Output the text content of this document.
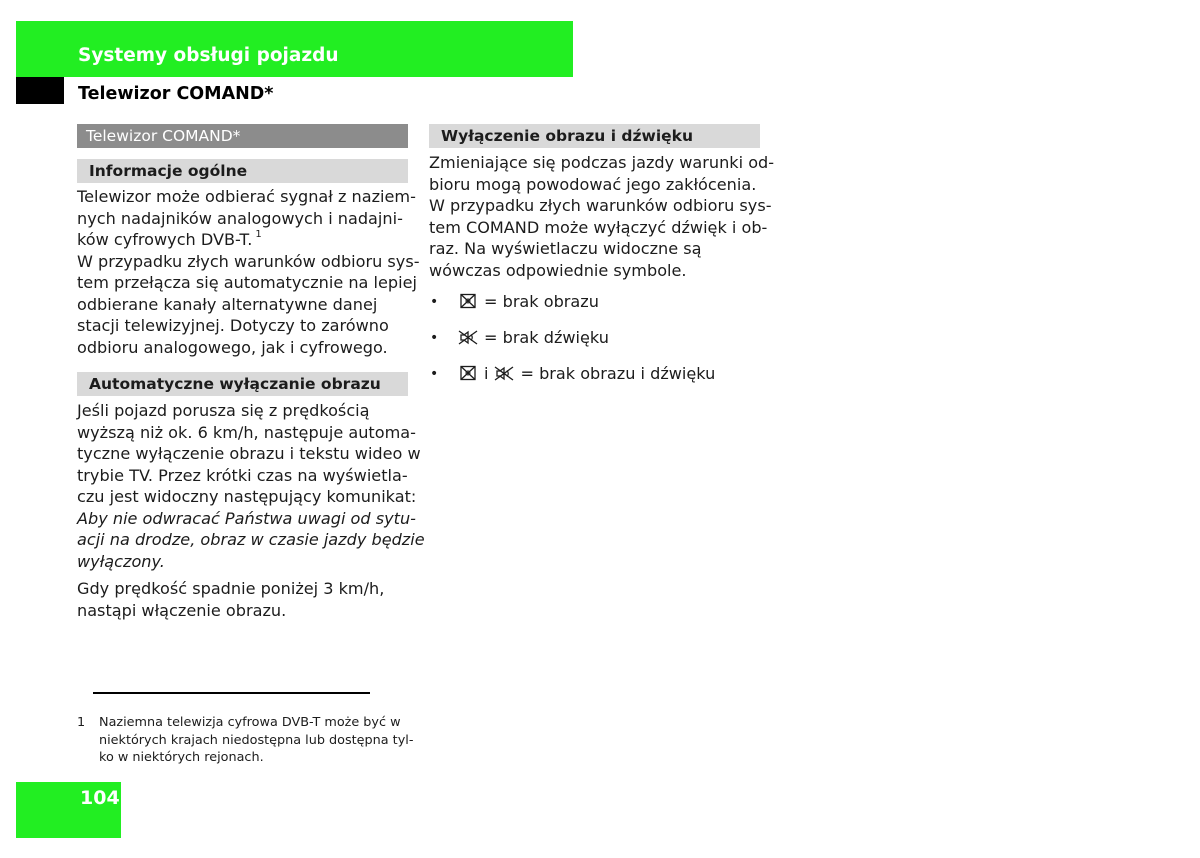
Systemy obsługi pojazdu
Telewizor COMAND*
Telewizor COMAND*
Informacje ogólne
Telewizor może odbierać sygnał z naziem-
nych nadajników analogowych i nadajni-
ków cyfrowych DVB-T. $^1$
W przypadku złych warunków odbioru sys-
tem przełącza się automatycznie na lepiej
odbierane kanały alternatywne danej
stacji telewizyjnej. Dotyczy to zarówno
odbioru analogowego, jak i cyfrowego.
Automatyczne wyłączanie obrazu
Jeśli pojazd porusza się z prędkością
wyższą niż ok. 6 km/h, następuje automa-
tyczne wyłączenie obrazu i tekstu wideo w
trybie TV. Przez krótki czas na wyświetla-
czu jest widoczny następujący komunikat:
Aby nie odwracać Państwa uwagi od sytu-
acji na drodze, obraz w czasie jazdy będzie
wyłączony.
Gdy prędkość spadnie poniżej 3 km/h,
nastąpi włączenie obrazu.
Wyłączenie obrazu i dźwięku
Zmieniające się podczas jazdy warunki od-
bioru mogą powodować jego zakłócenia.
W przypadku złych warunków odbioru sys-
tem COMAND może wyłączyć dźwięk i ob-
raz. Na wyświetlaczu widoczne są
wówczas odpowiednie symbole.
•	= brak obrazu
•	= brak dźwięku
•	i = brak obrazu i dźwięku
1 Naziemna telewizja cyfrowa DVB-T może być w
niektórych krajach niedostępna lub dostępna tyl-
ko w niektórych rejonach.
104
